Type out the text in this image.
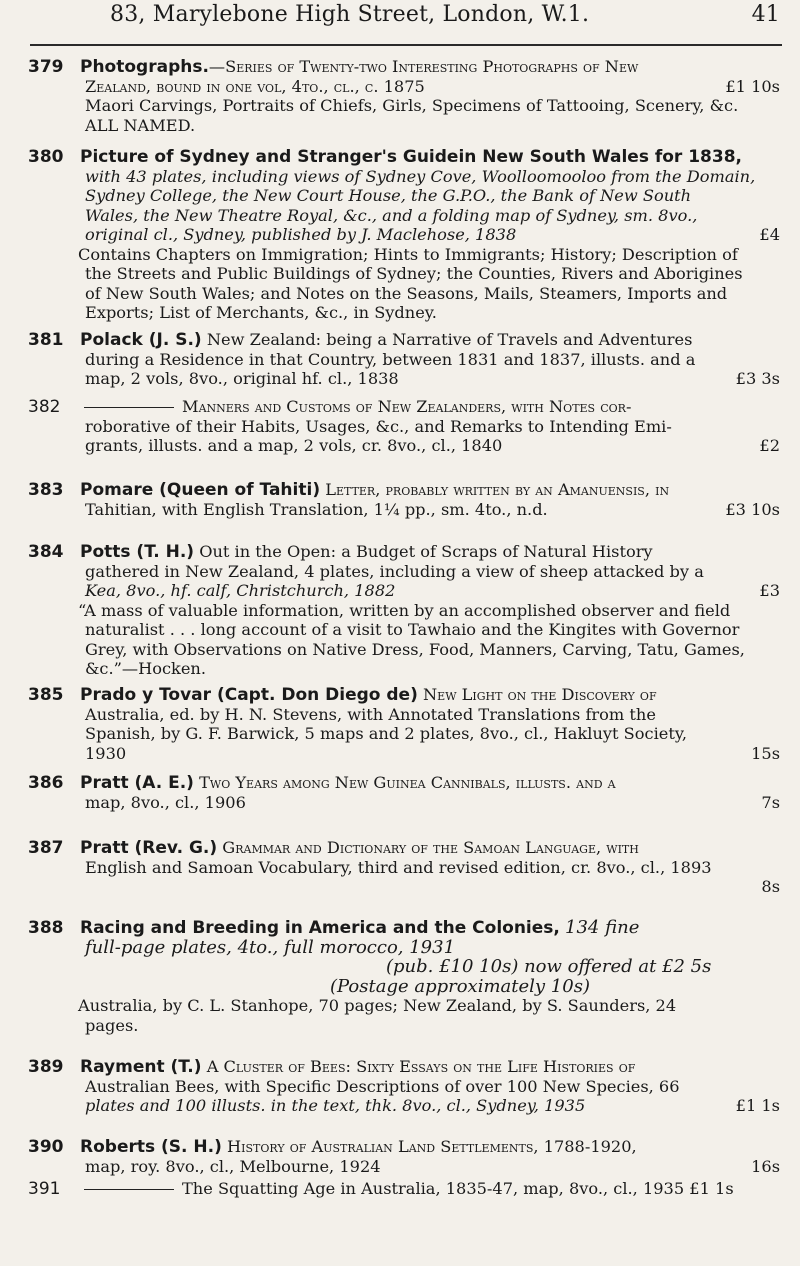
83, Marylebone High Street, London, W.1.	41
379 Photographs.—Series of Twenty-two Interesting Photographs of New
Zealand, bound in one vol, 4to., cl., c. 1875	£1 10s
Maori Carvings, Portraits of Chiefs, Girls, Specimens of Tattooing, Scenery, &c.
ALL NAMED.
380 Picture of Sydney and Stranger's Guidein New South Wales for 1838,
with 43 plates, including views of Sydney Cove, Woolloomooloo from the Domain,
Sydney College, the New Court House, the G.P.O., the Bank of New South
Wales, the New Theatre Royal, &c., and a folding map of Sydney, sm. 8vo.,
original cl., Sydney, published by J. Maclehose, 1838	£4
Contains Chapters on Immigration; Hints to Immigrants; History; Description of
the Streets and Public Buildings of Sydney; the Counties, Rivers and Aborigines
of New South Wales; and Notes on the Seasons, Mails, Steamers, Imports and
Exports; List of Merchants, &c., in Sydney.
381 Polack (J. S.) New Zealand: being a Narrative of Travels and Adventures
during a Residence in that Country, between 1831 and 1837, illusts. and a
map, 2 vols, 8vo., original hf. cl., 1838	£3 3s
382	Manners and Customs of New Zealanders, with Notes cor-
roborative of their Habits, Usages, &c., and Remarks to Intending Emi-
grants, illusts. and a map, 2 vols, cr. 8vo., cl., 1840	£2
383 Pomare (Queen of Tahiti) Letter, probably written by an Amanuensis, in
Tahitian, with English Translation, 1¼ pp., sm. 4to., n.d.	£3 10s
384 Potts (T. H.) Out in the Open: a Budget of Scraps of Natural History
gathered in New Zealand, 4 plates, including a view of sheep attacked by a
Kea, 8vo., hf. calf, Christchurch, 1882	£3
“A mass of valuable information, written by an accomplished observer and field
naturalist . . . long account of a visit to Tawhaio and the Kingites with Governor
Grey, with Observations on Native Dress, Food, Manners, Carving, Tatu, Games,
&c.”—Hocken.
385 Prado y Tovar (Capt. Don Diego de) New Light on the Discovery of
Australia, ed. by H. N. Stevens, with Annotated Translations from the
Spanish, by G. F. Barwick, 5 maps and 2 plates, 8vo., cl., Hakluyt Society,
1930	15s
386 Pratt (A. E.) Two Years among New Guinea Cannibals, illusts. and a
map, 8vo., cl., 1906	7s
387 Pratt (Rev. G.) Grammar and Dictionary of the Samoan Language, with
English and Samoan Vocabulary, third and revised edition, cr. 8vo., cl., 1893
8s
388 Racing and Breeding in America and the Colonies, 134 fine
full-page plates, 4to., full morocco, 1931
(pub. £10 10s) now offered at £2 5s
(Postage approximately 10s)
Australia, by C. L. Stanhope, 70 pages; New Zealand, by S. Saunders, 24
pages.
389 Rayment (T.) A Cluster of Bees: Sixty Essays on the Life Histories of
Australian Bees, with Specific Descriptions of over 100 New Species, 66
plates and 100 illusts. in the text, thk. 8vo., cl., Sydney, 1935	£1 1s
390 Roberts (S. H.) History of Australian Land Settlements, 1788-1920,
map, roy. 8vo., cl., Melbourne, 1924	16s
391	The Squatting Age in Australia, 1835-47, map, 8vo., cl., 1935 £1 1s
